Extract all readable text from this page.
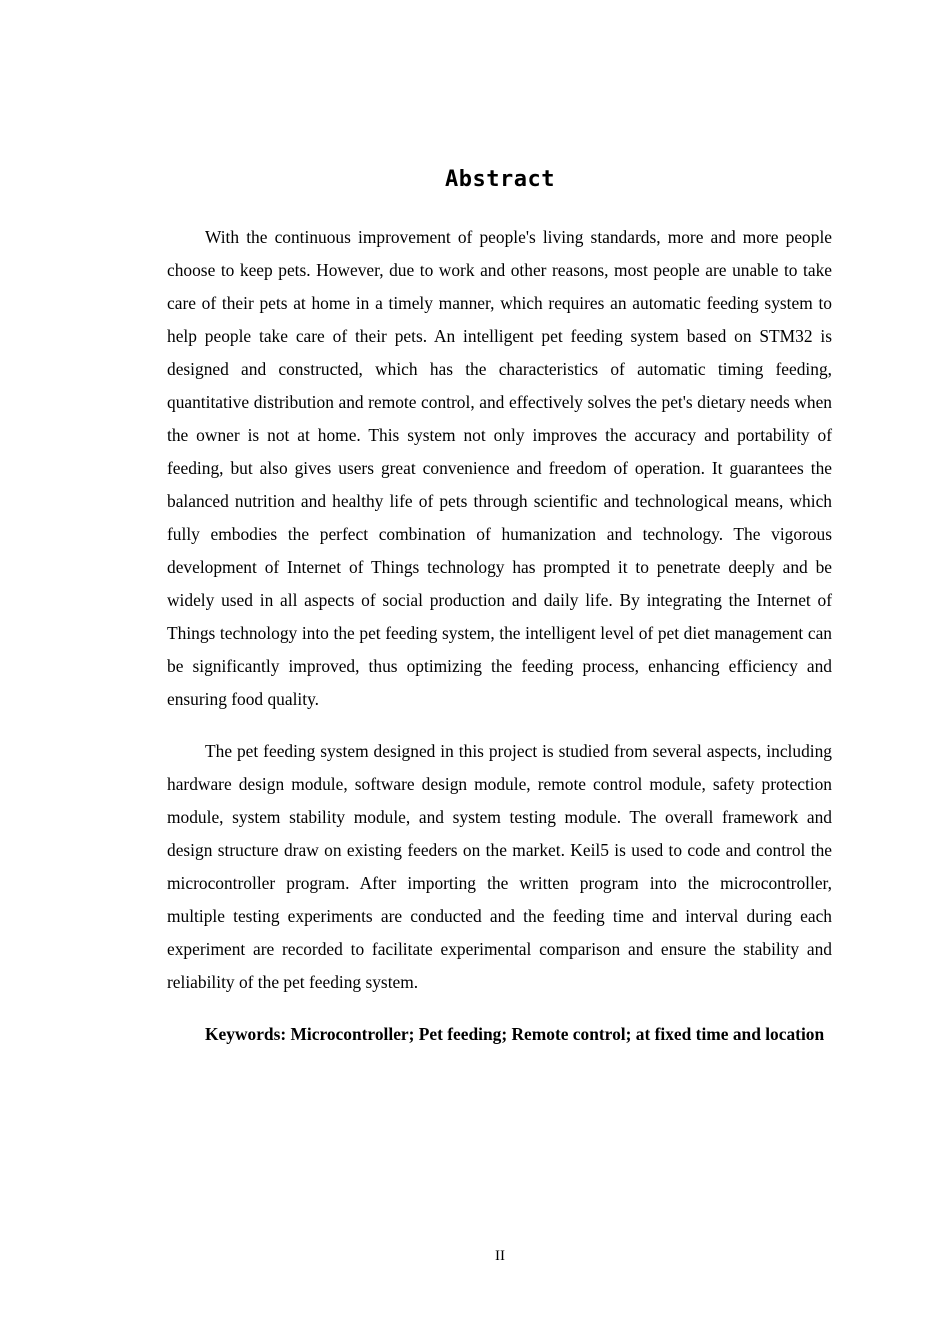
Abstract

With the continuous improvement of people's living standards, more and more people choose to keep pets. However, due to work and other reasons, most people are unable to take care of their pets at home in a timely manner, which requires an automatic feeding system to help people take care of their pets. An intelligent pet feeding system based on STM32 is designed and constructed, which has the characteristics of automatic timing feeding, quantitative distribution and remote control, and effectively solves the pet's dietary needs when the owner is not at home. This system not only improves the accuracy and portability of feeding, but also gives users great convenience and freedom of operation. It guarantees the balanced nutrition and healthy life of pets through scientific and technological means, which fully embodies the perfect combination of humanization and technology. The vigorous development of Internet of Things technology has prompted it to penetrate deeply and be widely used in all aspects of social production and daily life. By integrating the Internet of Things technology into the pet feeding system, the intelligent level of pet diet management can be significantly improved, thus optimizing the feeding process, enhancing efficiency and ensuring food quality.

The pet feeding system designed in this project is studied from several aspects, including hardware design module, software design module, remote control module, safety protection module, system stability module, and system testing module. The overall framework and design structure draw on existing feeders on the market. Keil5 is used to code and control the microcontroller program. After importing the written program into the microcontroller, multiple testing experiments are conducted and the feeding time and interval during each experiment are recorded to facilitate experimental comparison and ensure the stability and reliability of the pet feeding system.

Keywords: Microcontroller; Pet feeding; Remote control; at fixed time and location

II
